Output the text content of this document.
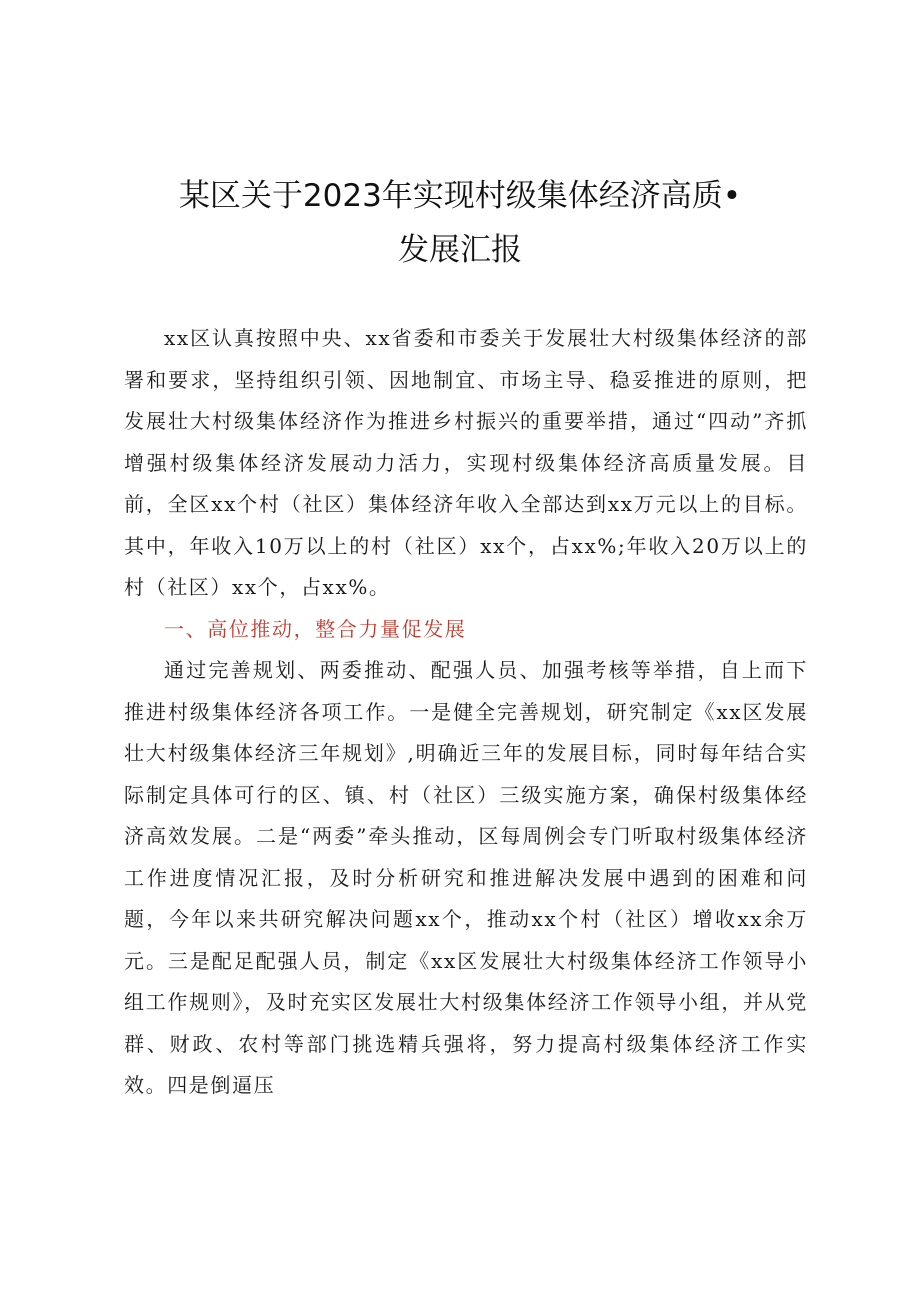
某区关于2023年实现村级集体经济高质•
发展汇报

xx区认真按照中央、xx省委和市委关于发展壮大村级集体经济的部署和要求，坚持组织引领、因地制宜、市场主导、稳妥推进的原则，把发展壮大村级集体经济作为推进乡村振兴的重要举措，通过“四动”齐抓增强村级集体经济发展动力活力，实现村级集体经济高质量发展。目前，全区xx个村（社区）集体经济年收入全部达到xx万元以上的目标。其中，年收入10万以上的村（社区）xx个，占xx%;年收入20万以上的村（社区）xx个，占xx%。

一、高位推动，整合力量促发展

通过完善规划、两委推动、配强人员、加强考核等举措，自上而下推进村级集体经济各项工作。一是健全完善规划，研究制定《xx区发展壮大村级集体经济三年规划》,明确近三年的发展目标，同时每年结合实际制定具体可行的区、镇、村（社区）三级实施方案，确保村级集体经济高效发展。二是“两委”牵头推动，区每周例会专门听取村级集体经济工作进度情况汇报，及时分析研究和推进解决发展中遇到的困难和问题，今年以来共研究解决问题xx个，推动xx个村（社区）增收xx余万元。三是配足配强人员，制定《xx区发展壮大村级集体经济工作领导小组工作规则》，及时充实区发展壮大村级集体经济工作领导小组，并从党群、财政、农村等部门挑选精兵强将，努力提高村级集体经济工作实效。四是倒逼压
